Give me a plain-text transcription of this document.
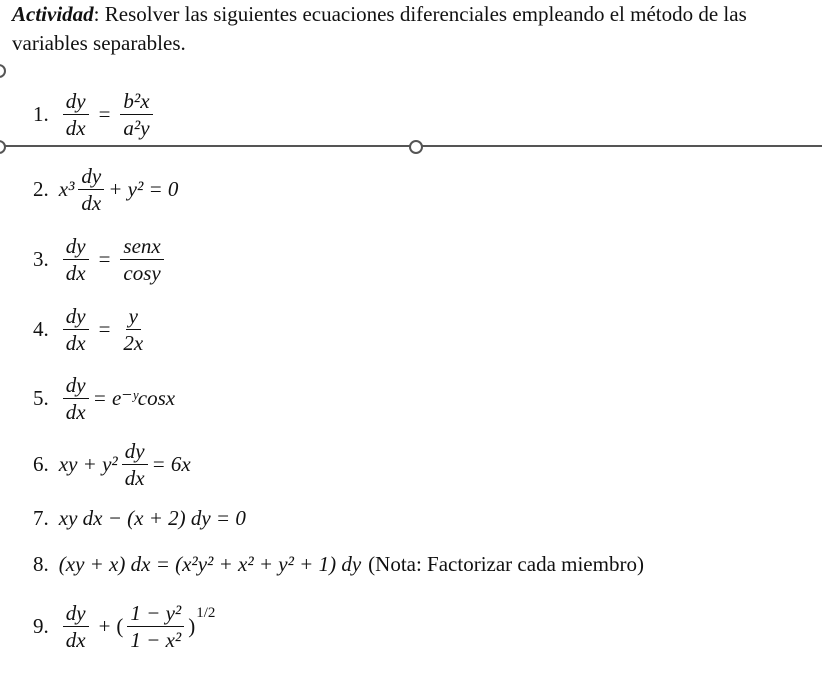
Actividad: Resolver las siguientes ecuaciones diferenciales empleando el método de las variables separables.
1. $\frac{dy}{dx} = \frac{\text{b²x}}{\text{a²y}}$
2. $x^3 \frac{dy}{dx} + y^2 = 0$
3. $\frac{dy}{dx} = \frac{\text{senx}}{\cos y}$
4. $\frac{dy}{dx} = \frac{y}{2x}$
5. $\frac{dy}{dx}$ = e⁻ʸcosx
6. xy + $y^2 \frac{dy}{dx} = 6x$
7. xy dx − (x + 2) dy = 0
8. (xy + x) dx = (x²y² + x² + y² + 1) dy (Nota: Factorizar cada miembro)
9. $\frac{dy}{dx}$ + ( $\frac{\text{1 − y²}}{\text{1 − x²}}$ )
1/2
